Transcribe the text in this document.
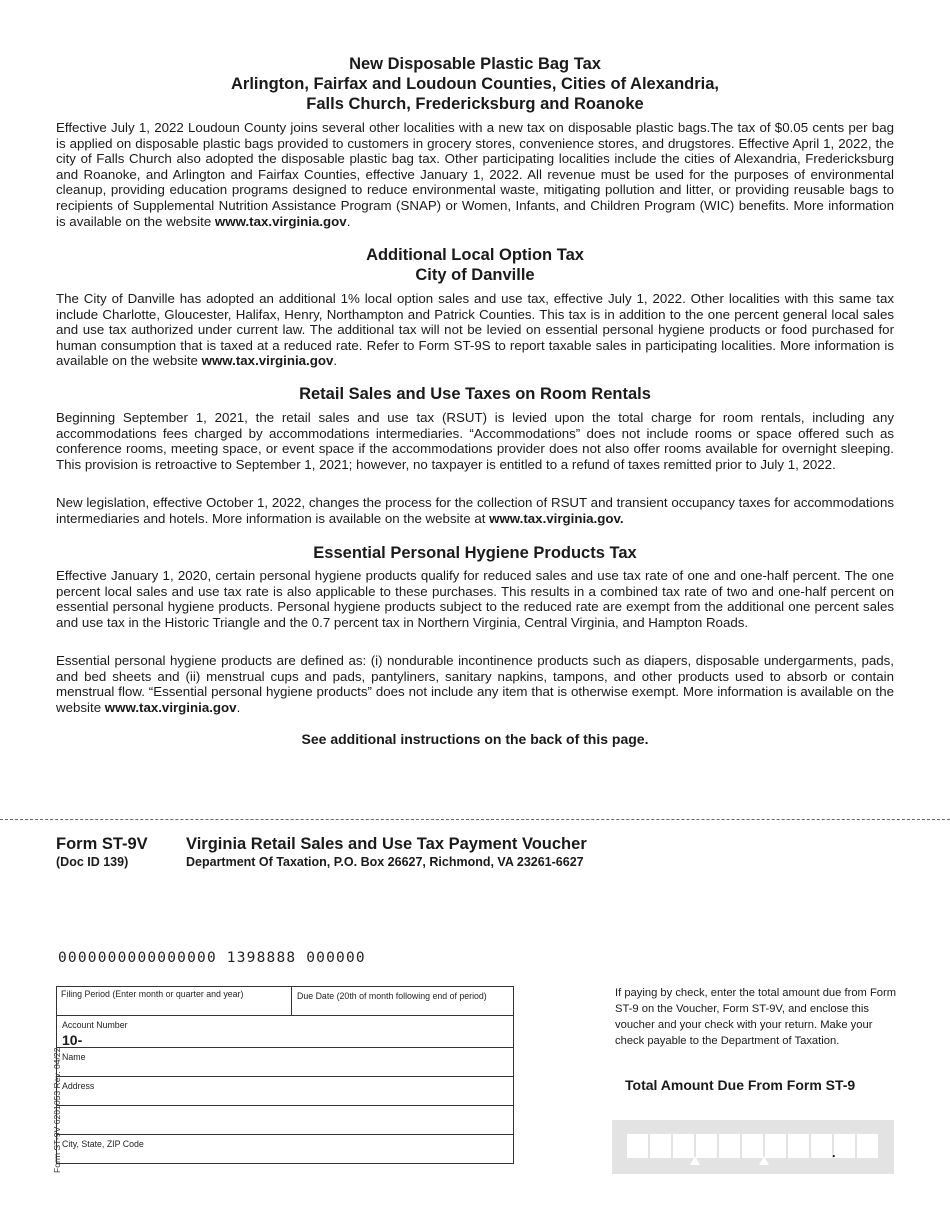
New Disposable Plastic Bag Tax
Arlington, Fairfax and Loudoun Counties, Cities of Alexandria,
Falls Church, Fredericksburg and Roanoke

Effective July 1, 2022 Loudoun County joins several other localities with a new tax on disposable plastic bags.The tax of $0.05 cents per bag is applied on disposable plastic bags provided to customers in grocery stores, convenience stores, and drugstores. Effective April 1, 2022, the city of Falls Church also adopted the disposable plastic bag tax. Other participating localities include the cities of Alexandria, Fredericksburg and Roanoke, and Arlington and Fairfax Counties, effective January 1, 2022. All revenue must be used for the purposes of environmental cleanup, providing education programs designed to reduce environmental waste, mitigating pollution and litter, or providing reusable bags to recipients of Supplemental Nutrition Assistance Program (SNAP) or Women, Infants, and Children Program (WIC) benefits. More information is available on the website www.tax.virginia.gov.

Additional Local Option Tax
City of Danville

The City of Danville has adopted an additional 1% local option sales and use tax, effective July 1, 2022. Other localities with this same tax include Charlotte, Gloucester, Halifax, Henry, Northampton and Patrick Counties. This tax is in addition to the one percent general local sales and use tax authorized under current law. The additional tax will not be levied on essential personal hygiene products or food purchased for human consumption that is taxed at a reduced rate. Refer to Form ST-9S to report taxable sales in participating localities. More information is available on the website www.tax.virginia.gov.

Retail Sales and Use Taxes on Room Rentals

Beginning September 1, 2021, the retail sales and use tax (RSUT) is levied upon the total charge for room rentals, including any accommodations fees charged by accommodations intermediaries. “Accommodations” does not include rooms or space offered such as conference rooms, meeting space, or event space if the accommodations provider does not also offer rooms available for overnight sleeping. This provision is retroactive to September 1, 2021; however, no taxpayer is entitled to a refund of taxes remitted prior to July 1, 2022.

New legislation, effective October 1, 2022, changes the process for the collection of RSUT and transient occupancy taxes for accommodations intermediaries and hotels. More information is available on the website at www.tax.virginia.gov.

Essential Personal Hygiene Products Tax

Effective January 1, 2020, certain personal hygiene products qualify for reduced sales and use tax rate of one and one-half percent. The one percent local sales and use tax rate is also applicable to these purchases. This results in a combined tax rate of two and one-half percent on essential personal hygiene products. Personal hygiene products subject to the reduced rate are exempt from the additional one percent sales and use tax in the Historic Triangle and the 0.7 percent tax in Northern Virginia, Central Virginia, and Hampton Roads.

Essential personal hygiene products are defined as: (i) nondurable incontinence products such as diapers, disposable undergarments, pads, and bed sheets and (ii) menstrual cups and pads, pantyliners, sanitary napkins, tampons, and other products used to absorb or contain menstrual flow. “Essential personal hygiene products” does not include any item that is otherwise exempt. More information is available on the website www.tax.virginia.gov.

See additional instructions on the back of this page.
Form ST-9V
(Doc ID 139)
Virginia Retail Sales and Use Tax Payment Voucher
Department Of Taxation, P.O. Box 26627, Richmond, VA 23261-6627
0000000000000000 1398888 000000
Form ST-9V 6201053 Rev. 04/22
Filing Period (Enter month or quarter and year)	Due Date (20th of month following end of period)
Account Number
10-
Name
Address
City, State, ZIP Code

If paying by check, enter the total amount due from Form ST-9 on the Voucher, Form ST-9V, and enclose this voucher and your check with your return. Make your check payable to the Department of Taxation.

Total Amount Due From Form ST-9
.
